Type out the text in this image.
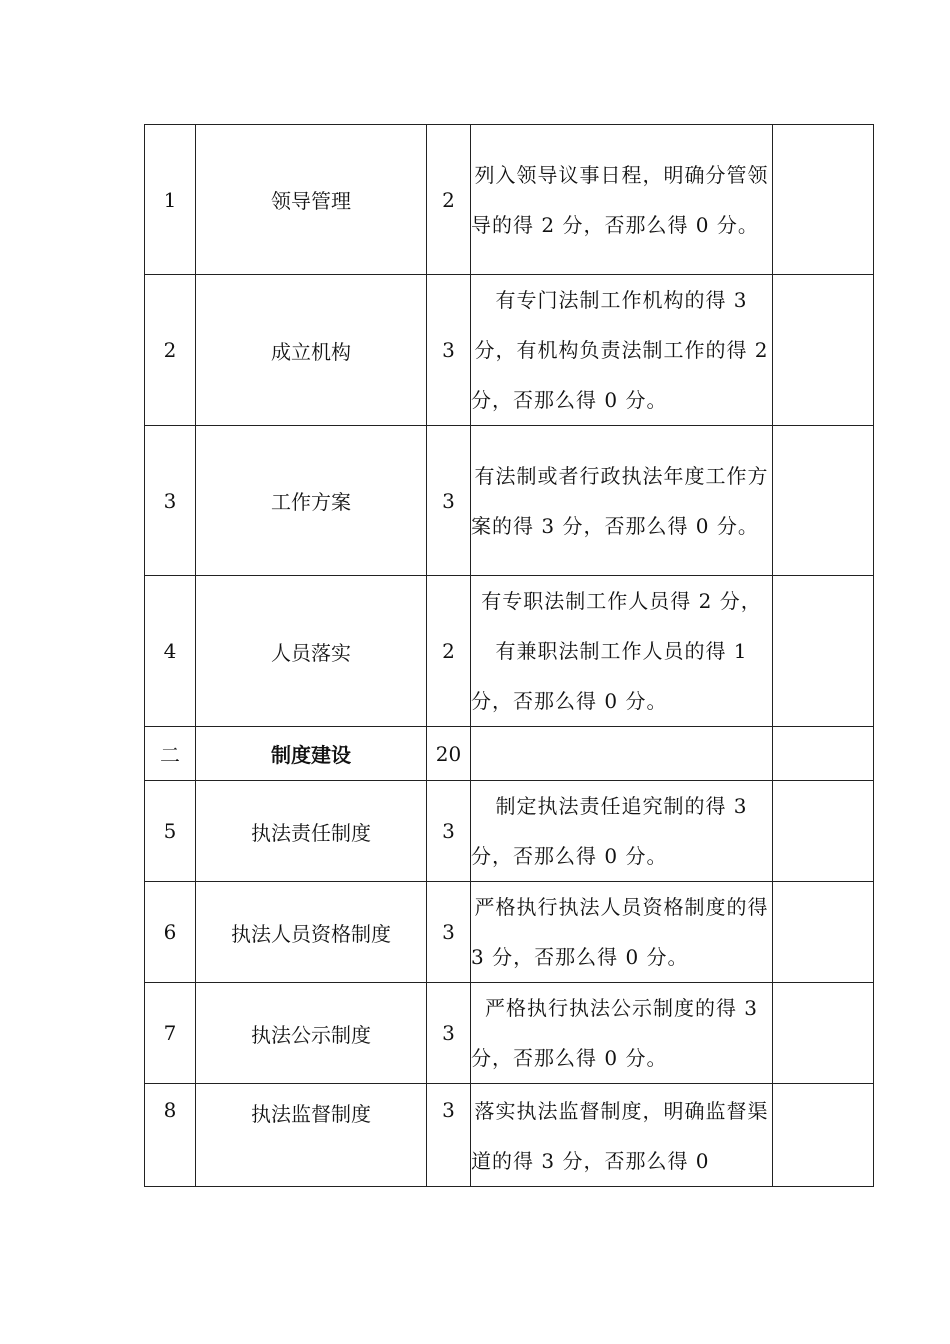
1	领导管理	2	列入领导议事日程，明确分管领导的得 2 分，否那么得 0 分。	
2	成立机构	3	有专门法制工作机构的得 3 分，有机构负责法制工作的得 2 分，否那么得 0 分。	
3	工作方案	3	有法制或者行政执法年度工作方案的得 3 分，否那么得 0 分。	
4	人员落实	2	有专职法制工作人员得 2 分，有兼职法制工作人员的得 1 分，否那么得 0 分。	
二	制度建设	20		
5	执法责任制度	3	制定执法责任追究制的得 3 分，否那么得 0 分。	
6	执法人员资格制度	3	严格执行执法人员资格制度的得 3 分，否那么得 0 分。	
7	执法公示制度	3	严格执行执法公示制度的得 3 分，否那么得 0 分。	
8	执法监督制度	3	落实执法监督制度，明确监督渠道的得 3 分，否那么得 0	
